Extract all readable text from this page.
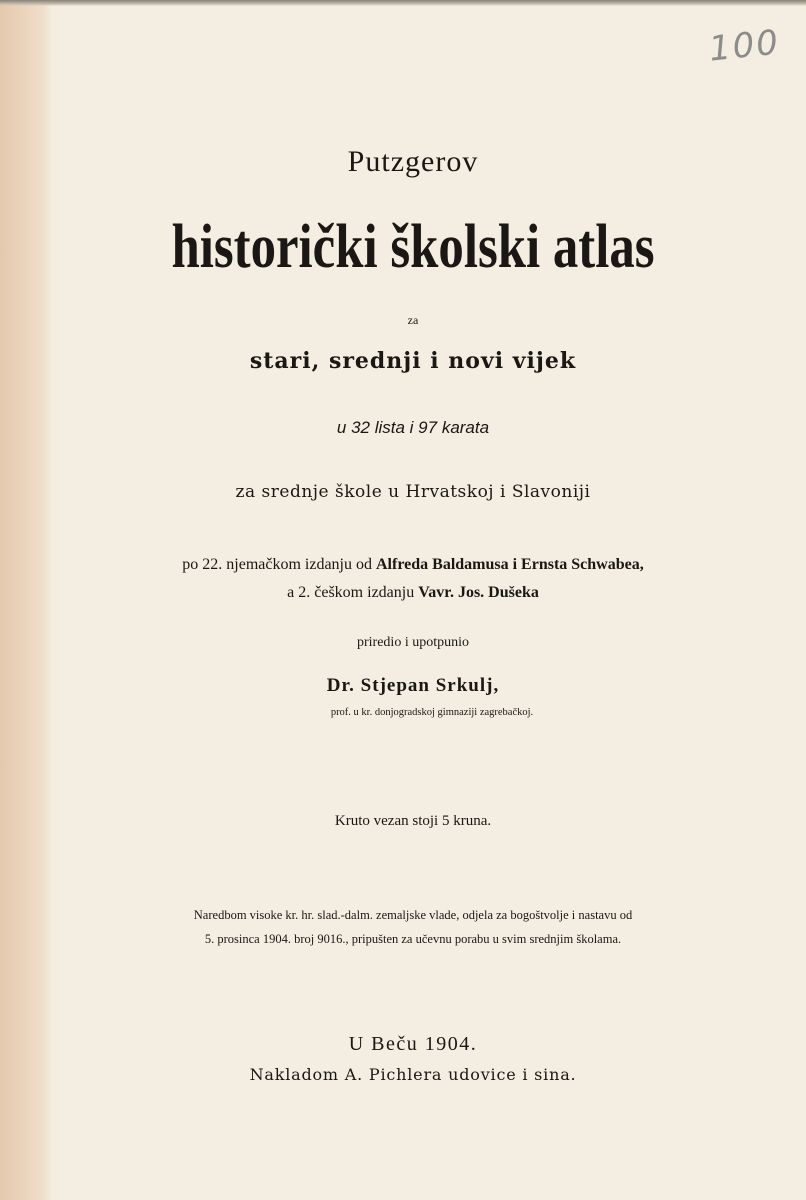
100
Putzgerov
historički školski atlas
za
stari, srednji i novi vijek
u 32 lista i 97 karata
za srednje škole u Hrvatskoj i Slavoniji
po 22. njemačkom izdanju od Alfreda Baldamusa i Ernsta Schwabea,
a 2. češkom izdanju Vavr. Jos. Dušeka
priredio i upotpunio
Dr. Stjepan Srkulj,
prof. u kr. donjogradskoj gimnaziji zagrebačkoj.
Kruto vezan stoji 5 kruna.
Naredbom visoke kr. hr. slad.-dalm. zemaljske vlade, odjela za bogoštvolje i nastavu od
5. prosinca 1904. broj 9016., pripušten za učevnu porabu u svim srednjim školama.
U Beču 1904.
Nakladom A. Pichlera udovice i sina.
